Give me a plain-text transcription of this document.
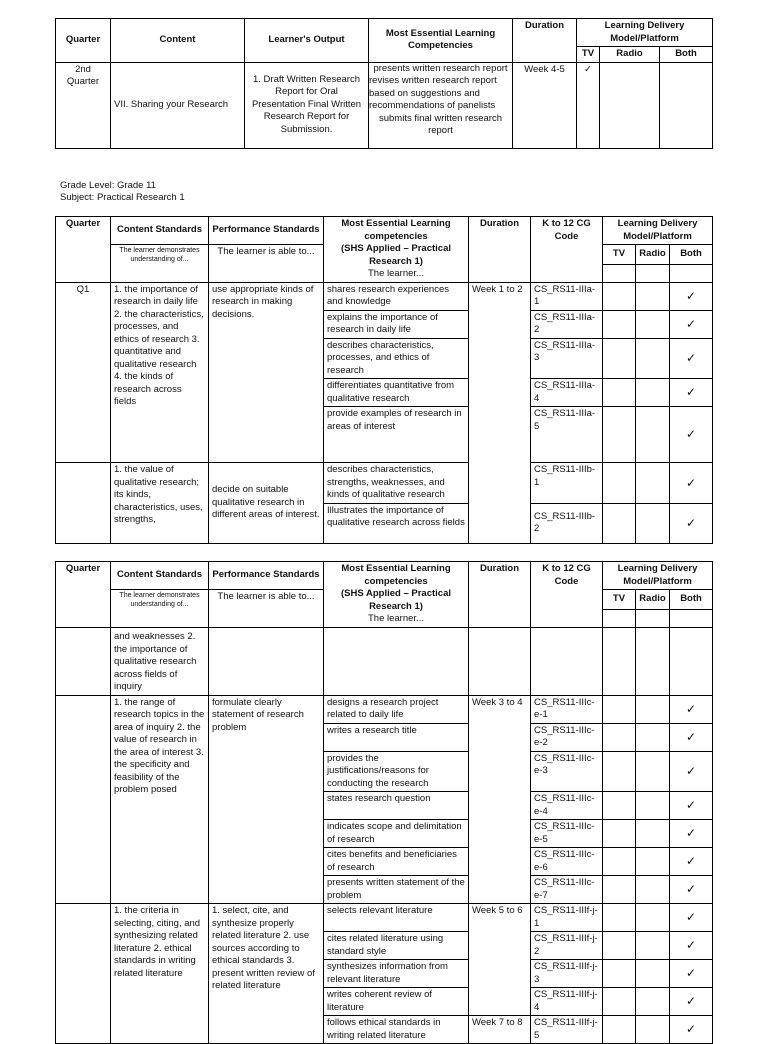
Quarter	Content	Learner's Output	Most Essential Learning Competencies	Duration	Learning Delivery Model/Platform		
					TV	Radio	Both
2nd Quarter	VII. Sharing your Research	1. Draft Written Research Report for Oral Presentation Final Written Research Report for Submission.	presents written research report
revises written research report based on suggestions and recommendations of panelists
submits final written research report	Week 4-5	✓		
Grade Level: Grade 11
Subject: Practical Research 1
Quarter	Content Standards	Performance Standards	Most Essential Learning
competencies
(SHS Applied – Practical
Research 1)
The learner...	Duration	K to 12 CG Code	Learning Delivery Model/Platform		
	The learner demonstrates understanding of...	The learner is able to...				TV	Radio	Both

Q1	1. the importance of research in daily life 2. the characteristics, processes, and ethics of research 3. quantitative and qualitative research 4. the kinds of research across fields	use appropriate kinds of research in making decisions.	shares research experiences and knowledge	Week 1 to 2	CS_RS11-IIIa-1			✓
			explains the importance of research in daily life		CS_RS11-IIIa-2			✓
			describes characteristics, processes, and ethics of research		CS_RS11-IIIa-3			✓
			differentiates quantitative from qualitative research		CS_RS11-IIIa-4			✓
			provide examples of research in areas of interest		CS_RS11-IIIa-5			✓
	1. the value of qualitative research; its kinds, characteristics, uses, strengths,	decide on suitable qualitative research in different areas of interest.	describes characteristics, strengths, weaknesses, and kinds of qualitative research		CS_RS11-IIIb-1			✓
			Illustrates the importance of qualitative research across fields		CS_RS11-IIIb-2			✓
Quarter	Content Standards	Performance Standards	Most Essential Learning
competencies
(SHS Applied – Practical
Research 1)
The learner...	Duration	K to 12 CG Code	Learning Delivery Model/Platform		
	The learner demonstrates understanding of...	The learner is able to...				TV	Radio	Both

	and weaknesses 2. the importance of qualitative research across fields of inquiry							
	1. the range of research topics in the area of inquiry 2. the value of research in the area of interest 3. the specificity and feasibility of the problem posed	formulate clearly statement of research problem	designs a research project related to daily life	Week 3 to 4	CS_RS11-IIIc-e-1			✓
			writes a research title		CS_RS11-IIIc-e-2			✓
			provides the justifications/reasons for conducting the research		CS_RS11-IIIc-e-3			✓
			states research question		CS_RS11-IIIc-e-4			✓
			indicates scope and delimitation of research		CS_RS11-IIIc-e-5			✓
			cites benefits and beneficiaries of research		CS_RS11-IIIc-e-6			✓
			presents written statement of the problem		CS_RS11-IIIc-e-7			✓
	1. the criteria in selecting, citing, and synthesizing related literature 2. ethical standards in writing related literature	1. select, cite, and synthesize properly related literature 2. use sources according to ethical standards 3. present written review of related literature	selects relevant literature	Week 5 to 6	CS_RS11-IIIf-j-1			✓
			cites related literature using standard style		CS_RS11-IIIf-j-2			✓
			synthesizes information from relevant literature		CS_RS11-IIIf-j-3			✓
			writes coherent review of literature		CS_RS11-IIIf-j-4			✓
			follows ethical standards in writing related literature	Week 7 to 8	CS_RS11-IIIf-j-5			✓
